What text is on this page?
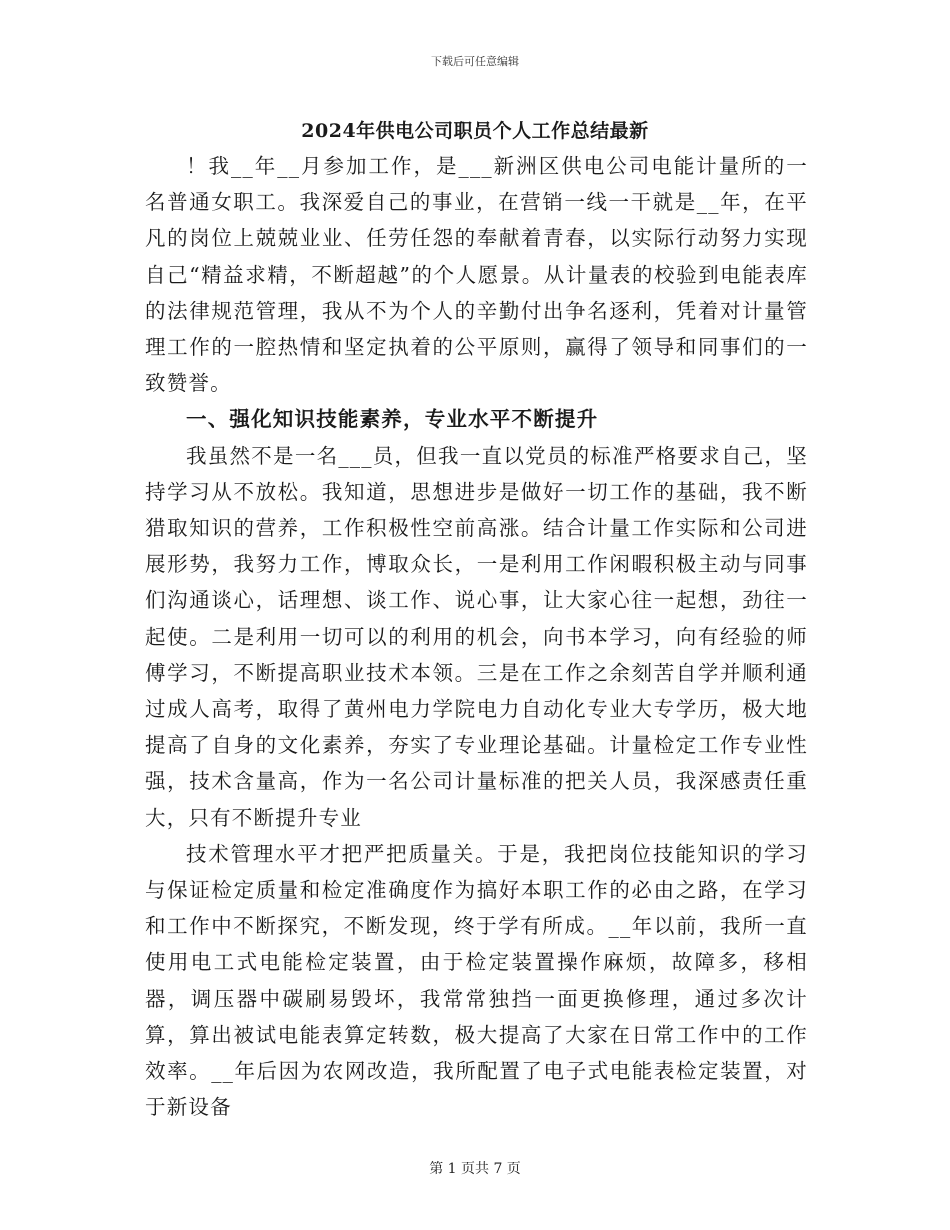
下载后可任意编辑
2024年供电公司职员个人工作总结最新

！我__年__月参加工作，是___新洲区供电公司电能计量所的一名普通女职工。我深爱自己的事业，在营销一线一干就是__年，在平凡的岗位上兢兢业业、任劳任怨的奉献着青春，以实际行动努力实现自己“精益求精，不断超越”的个人愿景。从计量表的校验到电能表库的法律规范管理，我从不为个人的辛勤付出争名逐利，凭着对计量管理工作的一腔热情和坚定执着的公平原则，赢得了领导和同事们的一致赞誉。

一、强化知识技能素养，专业水平不断提升

我虽然不是一名___员，但我一直以党员的标准严格要求自己，坚持学习从不放松。我知道，思想进步是做好一切工作的基础，我不断猎取知识的营养，工作积极性空前高涨。结合计量工作实际和公司进展形势，我努力工作，博取众长，一是利用工作闲暇积极主动与同事们沟通谈心，话理想、谈工作、说心事，让大家心往一起想，劲往一起使。二是利用一切可以的利用的机会，向书本学习，向有经验的师傅学习，不断提高职业技术本领。三是在工作之余刻苦自学并顺利通过成人高考，取得了黄州电力学院电力自动化专业大专学历，极大地提高了自身的文化素养，夯实了专业理论基础。计量检定工作专业性强，技术含量高，作为一名公司计量标准的把关人员，我深感责任重大，只有不断提升专业

技术管理水平才把严把质量关。于是，我把岗位技能知识的学习与保证检定质量和检定准确度作为搞好本职工作的必由之路，在学习和工作中不断探究，不断发现，终于学有所成。__年以前，我所一直使用电工式电能检定装置，由于检定装置操作麻烦，故障多，移相器，调压器中碳刷易毁坏，我常常独挡一面更换修理，通过多次计算，算出被试电能表算定转数，极大提高了大家在日常工作中的工作效率。__年后因为农网改造，我所配置了电子式电能表检定装置，对于新设备

第 1 页共 7 页
